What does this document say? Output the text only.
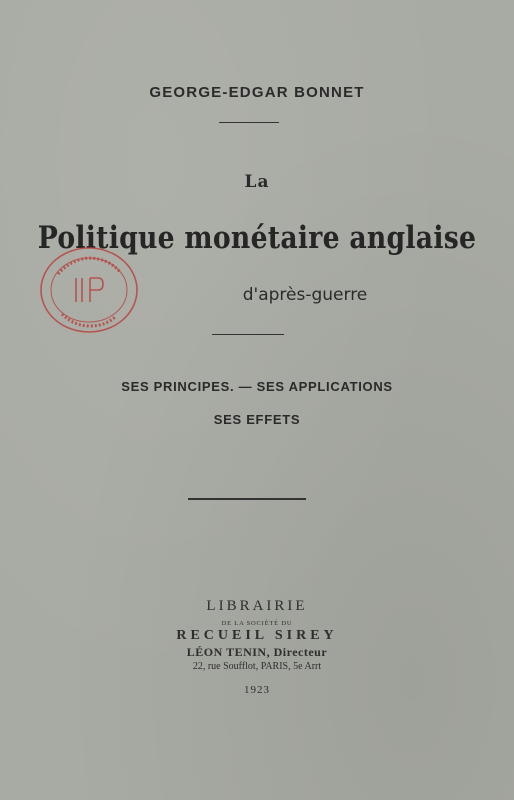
GEORGE-EDGAR BONNET
La
Politique monétaire anglaise
d'après-guerre
SES PRINCIPES. — SES APPLICATIONS
SES EFFETS
LIBRAIRIE
DE LA SOCIÉTÉ DU
RECUEIL SIREY
LÉON TENIN, Directeur
22, rue Soufflot, PARIS, 5e Arrt
1923
